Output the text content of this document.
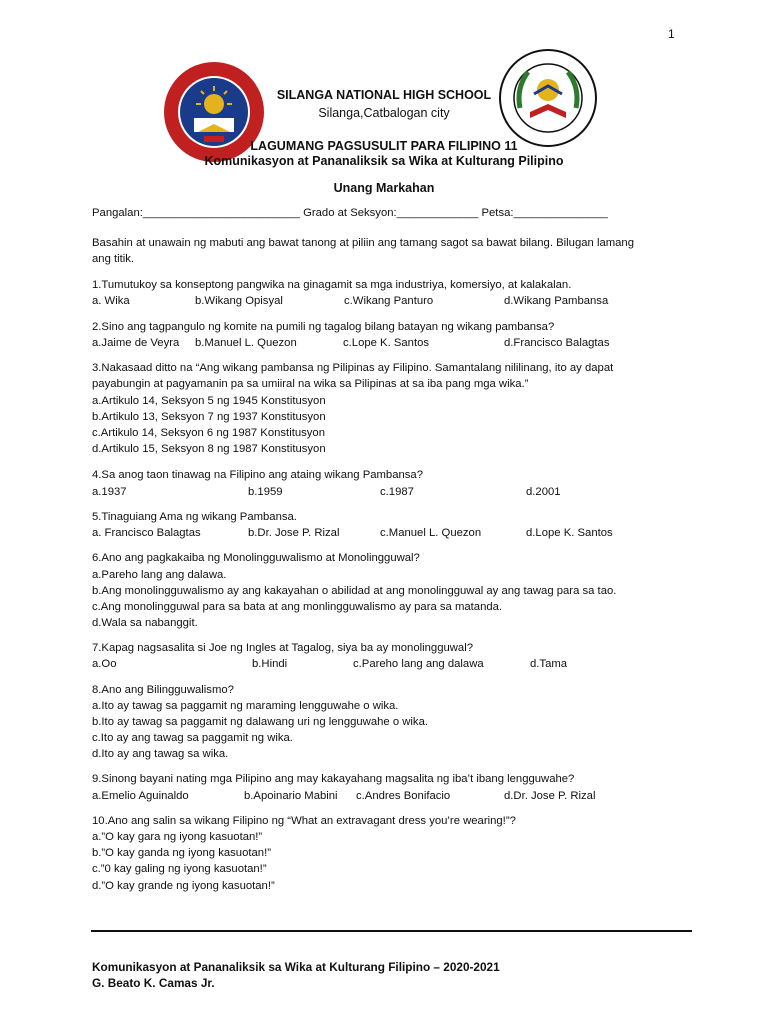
1
SILANGA NATIONAL HIGH SCHOOL
Silanga,Catbalogan city
LAGUMANG PAGSUSULIT PARA FILIPINO 11
Komunikasyon at Pananaliksik sa Wika at Kulturang Pilipino
Unang Markahan
Pangalan:_________________________ Grado at Seksyon:_____________ Petsa:_______________
Basahin at unawain ng mabuti ang bawat tanong at piliin ang tamang sagot sa bawat bilang. Bilugan lamang
ang titik.
1.Tumutukoy sa konseptong pangwika na ginagamit sa mga industriya, komersiyo, at kalakalan.
a. Wika	b.Wikang Opisyal	c.Wikang Panturo	d.Wikang Pambansa
2.Sino ang tagpangulo ng komite na pumili ng tagalog bilang batayan ng wikang pambansa?
a.Jaime de Veyra b.Manuel L. Quezon	c.Lope K. Santos	d.Francisco Balagtas
3.Nakasaad ditto na “Ang wikang pambansa ng Pilipinas ay Filipino. Samantalang nililinang, ito ay dapat
payabungin at pagyamanin pa sa umiiral na wika sa Pilipinas at sa iba pang mga wika.”
a.Artikulo 14, Seksyon 5 ng 1945 Konstitusyon
b.Artikulo 13, Seksyon 7 ng 1937 Konstitusyon
c.Artikulo 14, Seksyon 6 ng 1987 Konstitusyon
d.Artikulo 15, Seksyon 8 ng 1987 Konstitusyon
4.Sa anog taon tinawag na Filipino ang ataing wikang Pambansa?
a.1937	b.1959	c.1987	d.2001
5.Tinaguiang Ama ng wikang Pambansa.
a. Francisco Balagtas	b.Dr. Jose P. Rizal	c.Manuel L. Quezon	d.Lope K. Santos
6.Ano ang pagkakaiba ng Monolingguwalismo at Monolingguwal?
a.Pareho lang ang dalawa.
b.Ang monolingguwalismo ay ang kakayahan o abilidad at ang monolingguwal ay ang tawag para sa tao.
c.Ang monolingguwal para sa bata at ang monlingguwalismo ay para sa matanda.
d.Wala sa nabanggit.
7.Kapag nagsasalita si Joe ng Ingles at Tagalog, siya ba ay monolingguwal?
a.Oo	b.Hindi	c.Pareho lang ang dalawa	d.Tama
8.Ano ang Bilingguwalismo?
a.Ito ay tawag sa paggamit ng maraming lengguwahe o wika.
b.Ito ay tawag sa paggamit ng dalawang uri ng lengguwahe o wika.
c.Ito ay ang tawag sa paggamit ng wika.
d.Ito ay ang tawag sa wika.
9.Sinong bayani nating mga Pilipino ang may kakayahang magsalita ng iba’t ibang lengguwahe?
a.Emelio Aguinaldo	b.Apoinario Mabini c.Andres Bonifacio	d.Dr. Jose P. Rizal
10.Ano ang salin sa wikang Filipino ng “What an extravagant dress you’re wearing!”?
a.”O kay gara ng iyong kasuotan!”
b.”O kay ganda ng iyong kasuotan!”
c.”0 kay galing ng iyong kasuotan!”
d.”O kay grande ng iyong kasuotan!”
Komunikasyon at Pananaliksik sa Wika at Kulturang Filipino – 2020-2021
G. Beato K. Camas Jr.
